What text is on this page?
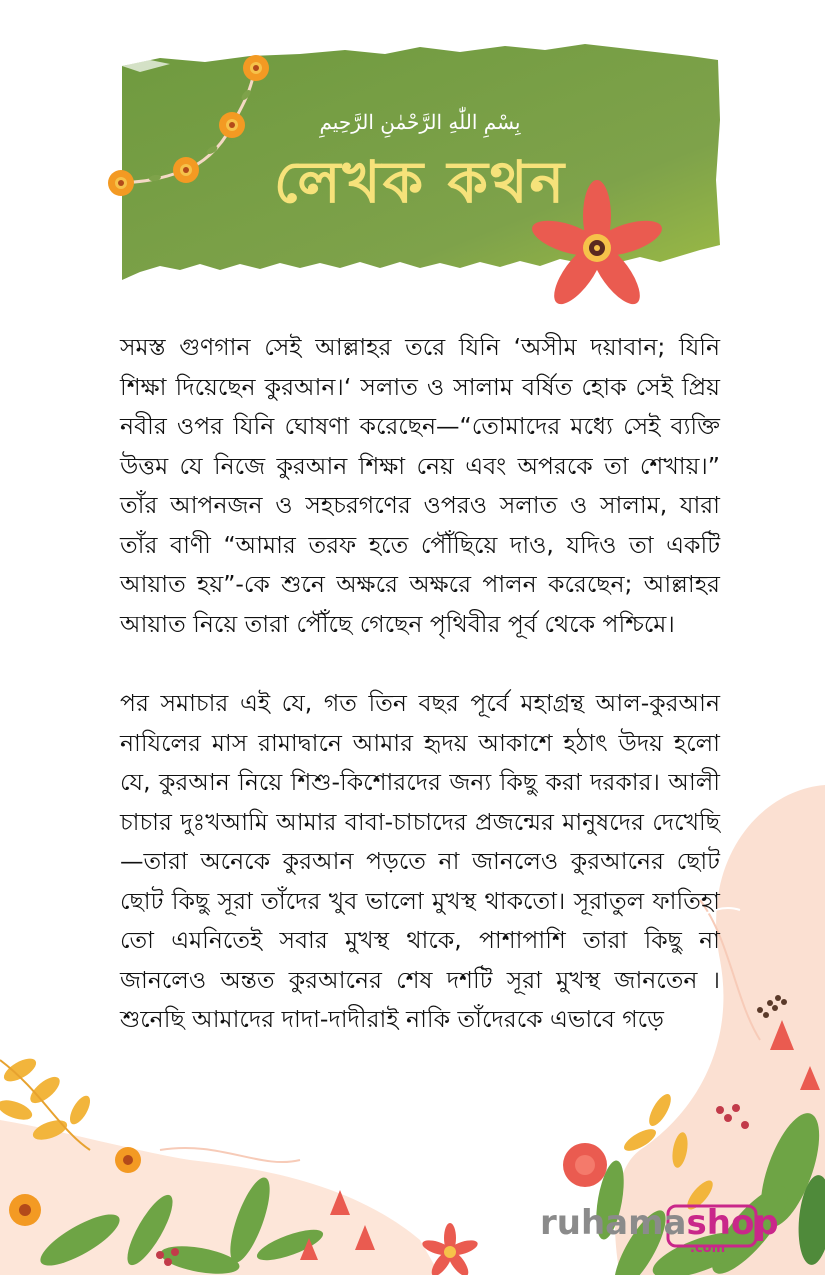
بِسْمِ اللّٰهِ الرَّحْمٰنِ الرَّحِيمِ
লেখক কথন

সমস্ত গুণগান সেই আল্লাহর তরে যিনি ‘অসীম দয়াবান; যিনি শিক্ষা দিয়েছেন কুরআন।‘ সলাত ও সালাম বর্ষিত হোক সেই প্রিয় নবীর ওপর যিনি ঘোষণা করেছেন—“তোমাদের মধ্যে সেই ব্যক্তি উত্তম যে নিজে কুরআন শিক্ষা নেয় এবং অপরকে তা শেখায়।” তাঁর আপনজন ও সহচরগণের ওপরও সলাত ও সালাম, যারা তাঁর বাণী “আমার তরফ হতে পৌঁছিয়ে দাও, যদিও তা একটি আয়াত হয়”-কে শুনে অক্ষরে অক্ষরে পালন করেছেন; আল্লাহর আয়াত নিয়ে তারা পৌঁছে গেছেন পৃথিবীর পূর্ব থেকে পশ্চিমে।

পর সমাচার এই যে, গত তিন বছর পূর্বে মহাগ্রন্থ আল-কুরআন নাযিলের মাস রামাদ্বানে আমার হৃদয় আকাশে হঠাৎ উদয় হলো যে, কুরআন নিয়ে শিশু-কিশোরদের জন্য কিছু করা দরকার। আলী চাচার দুঃখআমি আমার বাবা-চাচাদের প্রজন্মের মানুষদের দেখেছি—তারা অনেকে কুরআন পড়তে না জানলেও কুরআনের ছোট ছোট কিছু সূরা তাঁদের খুব ভালো মুখস্থ থাকতো। সূরাতুল ফাতিহা তো এমনিতেই সবার মুখস্থ থাকে, পাশাপাশি তারা কিছু না জানলেও অন্তত কুরআনের শেষ দশটি সূরা মুখস্থ জানতেন । শুনেছি আমাদের দাদা-দাদীরাই নাকি তাঁদেরকে এভাবে গড়ে

ruhamashop
.com
